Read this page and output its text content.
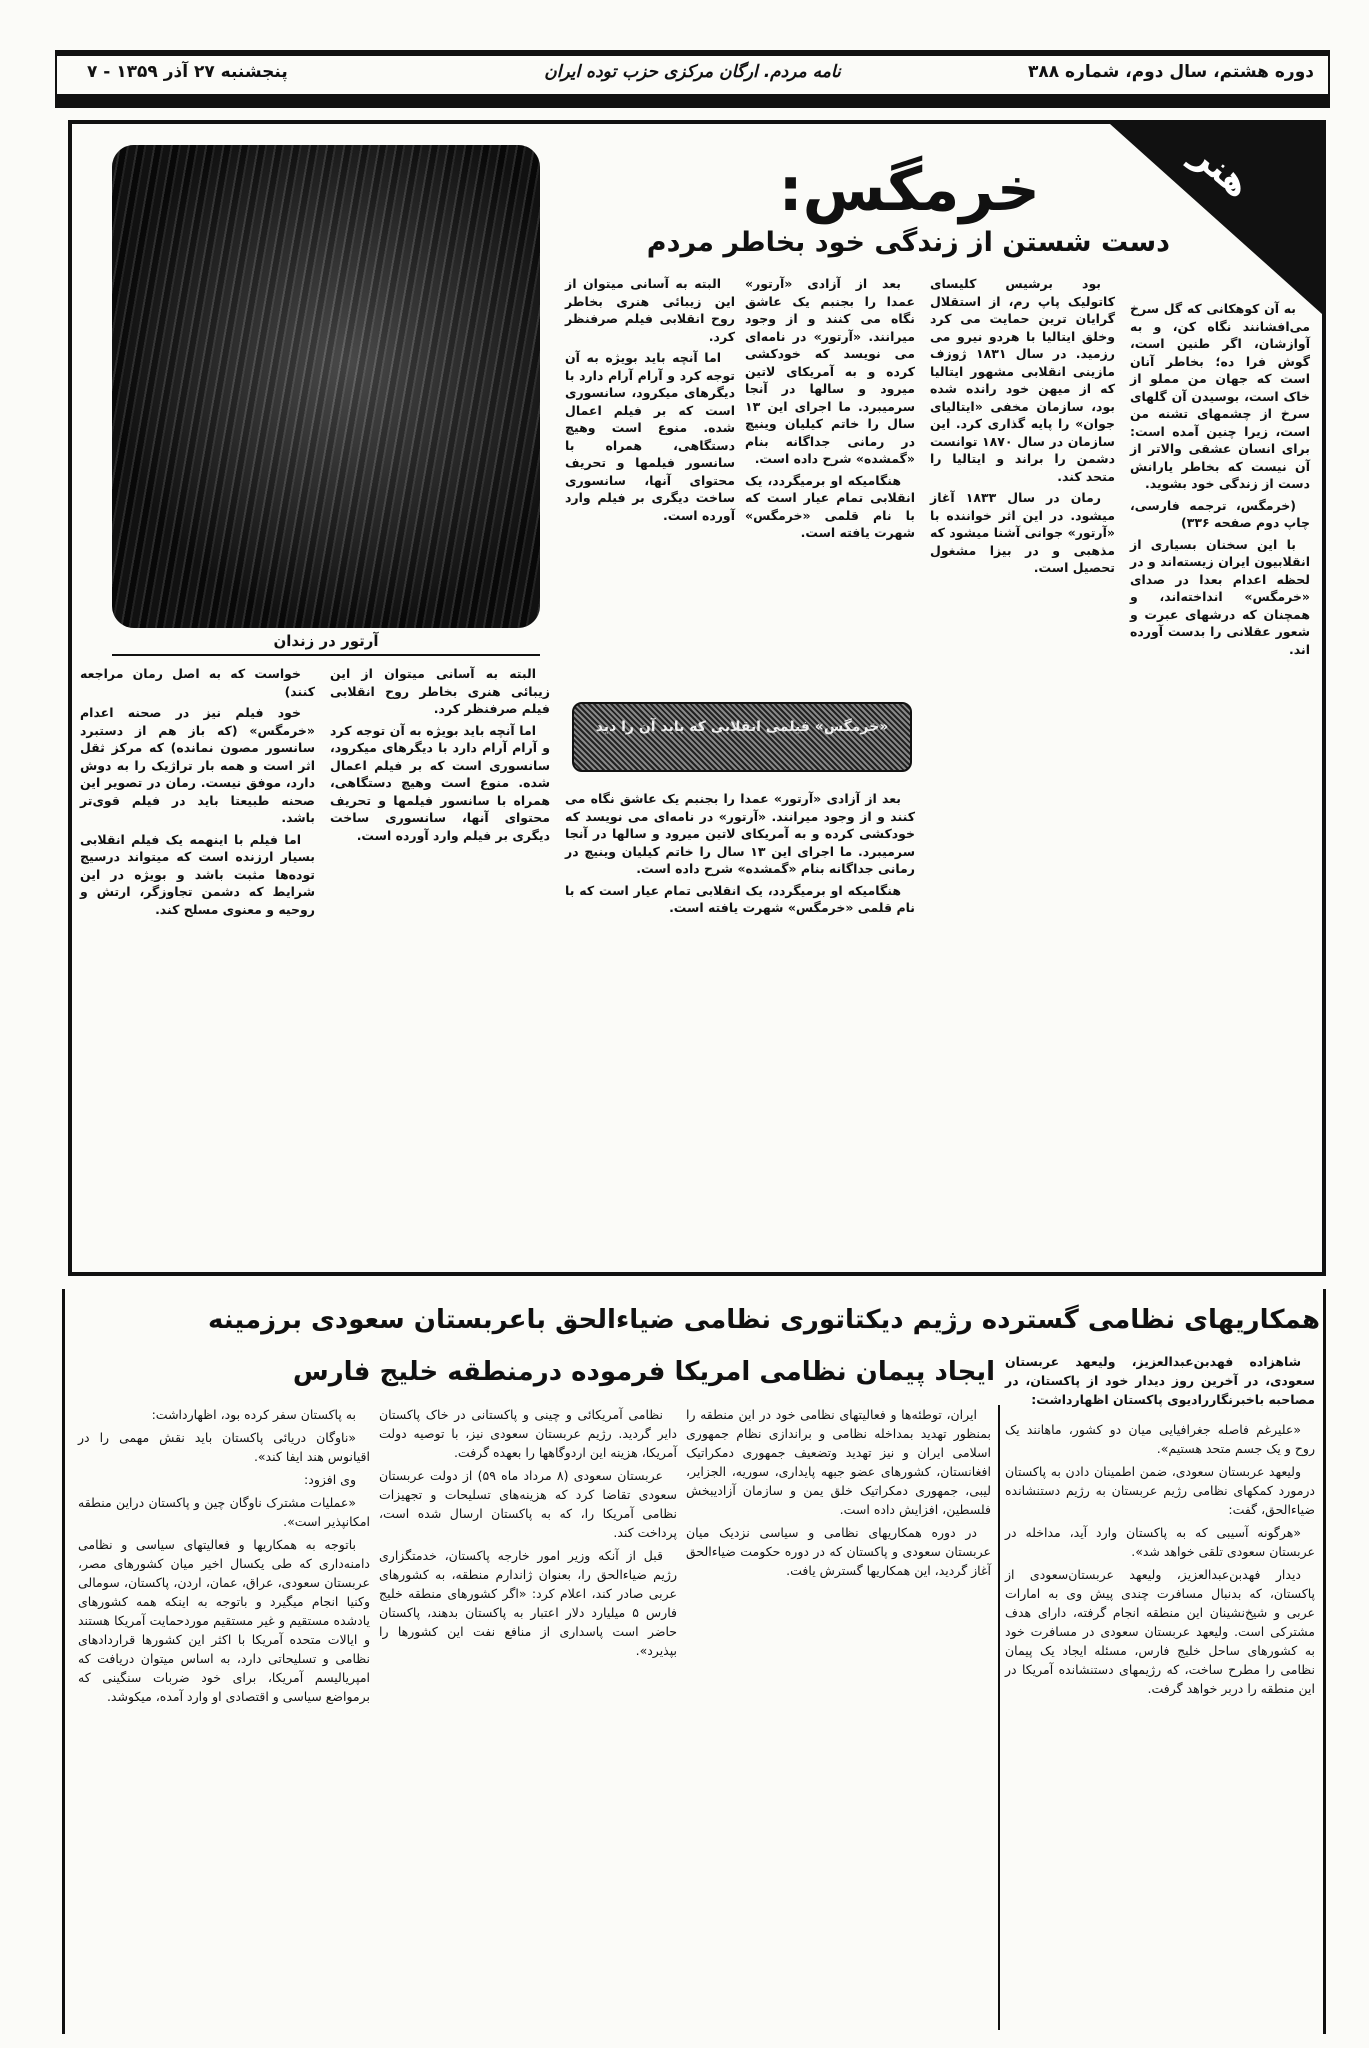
دوره هشتم، سال دوم، شماره ۳۸۸
نامه مردم. ارگان مرکزی حزب توده ایران
پنجشنبه ۲۷ آذر ۱۳۵۹ - ۷
آرتور در زندان
هنر
خرمگس:
دست شستن از زندگی خود بخاطر مردم

به آن کوهکانی که گل سرخ می‌افشانند نگاه کن، و به آوازشان، اگر طنین است، گوش فرا ده؛ بخاطر آنان است که جهان من مملو از خاک است، بوسیدن آن گلهای سرخ از چشمهای تشنه من است، زیرا چنین آمده است: برای انسان عشقی والاتر از آن نیست که بخاطر یارانش دست از زندگی خود بشوید.

(خرمگس، ترجمه فارسی، چاپ دوم صفحه ۳۳۶)

با این سخنان بسیاری از انقلابیون ایران زیسته‌اند و در لحظه اعدام بعدا در صدای «خرمگس» انداخته‌اند، و همچنان که درشهای عبرت و شعور عقلانی را بدست آورده اند.

بود برشیس کلیسای کاتولیک پاپ رم، از استقلال گرایان ترین حمایت می کرد وخلق ایتالیا با هردو نیرو می رزمید. در سال ۱۸۳۱ ژوزف مازینی انقلابی مشهور ایتالیا که از میهن خود رانده شده بود، سازمان مخفی «ایتالیای جوان» را پایه گذاری کرد. این سازمان در سال ۱۸۷۰ توانست دشمن را براند و ایتالیا را متحد کند.

رمان در سال ۱۸۳۳ آغاز میشود. در این اثر خواننده با «آرتور» جوانی آشنا میشود که مذهبی و در بیزا مشغول تحصیل است.

بعد از آزادی «آرتور» عمدا را بجنبم یک عاشق نگاه می کنند و از وجود میرانند. «آرتور» در نامه‌ای می نویسد که خودکشی کرده و به آمریکای لاتین میرود و سالها در آنجا سرمیبرد. ما اجرای این ۱۳ سال را خاتم کیلیان وینیچ در رمانی جداگانه بنام «گمشده» شرح داده است.

هنگامیکه او برمیگردد، یک انقلابی تمام عیار است که با نام قلمی «خرمگس» شهرت یافته است.

البته به آسانی میتوان از این زیبائی هنری بخاطر روح انقلابی فیلم صرفنظر کرد.

اما آنچه باید بویژه به آن توجه کرد و آرام آرام دارد با دیگر‌های میکرود، سانسوری است که بر فیلم اعمال شده. منوع است وهیچ دستگاهی، همراه با سانسور فیلمها و تحریف محتوای آنها، سانسوری ساخت دیگری بر فیلم وارد آورده است.

«خرمگس» فیلمی انقلابی که باید آن را دید

بعد از آزادی «آرتور» عمدا را بجنبم یک عاشق نگاه می کنند و از وجود میرانند. «آرتور» در نامه‌ای می نویسد که خودکشی کرده و به آمریکای لاتین میرود و سالها در آنجا سرمیبرد. ما اجرای این ۱۳ سال را خاتم کیلیان وینیچ در رمانی جداگانه بنام «گمشده» شرح داده است.

هنگامیکه او برمیگردد، یک انقلابی تمام عیار است که با نام قلمی «خرمگس» شهرت یافته است.

البته به آسانی میتوان از این زیبائی هنری بخاطر روح انقلابی فیلم صرفنظر کرد.

اما آنچه باید بویژه به آن توجه کرد و آرام آرام دارد با دیگر‌های میکرود، سانسوری است که بر فیلم اعمال شده. منوع است وهیچ دستگاهی، همراه با سانسور فیلمها و تحریف محتوای آنها، سانسوری ساخت دیگری بر فیلم وارد آورده است.

خواست که به اصل رمان مراجعه کنند)

خود فیلم نیز در صحنه اعدام «خرمگس» (که باز هم از دستبرد سانسور مصون نمانده) که مرکز ثقل اثر است و همه بار تراژیک را به دوش دارد، موفق نیست. رمان در تصویر این صحنه طبیعتا باید در فیلم قوی‌تر باشد.

اما فیلم با اینهمه یک فیلم انقلابی بسیار ارزنده است که میتواند درسیج توده‌ها مثبت باشد و بویژه در این شرایط که دشمن تجاوزگر، ارتش و روحیه و معنوی مسلح کند.

همکاریهای نظامی گسترده رژیم دیکتاتوری نظامی ضیاءالحق باعربستان سعودی برزمینه
ایجاد پیمان نظامی امریکا فرموده درمنطقه خلیج فارس شاهزاده فهدبن‌عبدالعزیز، ولیعهد عربستان سعودی، در آخرین روز دیدار خود از پاکستان، در مصاحبه باخبرنگاررادیوی پاکستان اظهارداشت:

«علیرغم فاصله جغرافیایی میان دو کشور، ماهانند یک روح و یک جسم متحد هستیم».

ولیعهد عربستان سعودی، ضمن اطمینان دادن به پاکستان درمورد کمکهای نظامی رژیم عربستان به رژیم دستنشانده ضیاءالحق، گفت:

«هرگونه آسیبی که به پاکستان وارد آید، مداخله در عربستان سعودی تلقی خواهد شد».

دیدار فهدبن‌عبدالعزیز، ولیعهد عربستان‌سعودی از پاکستان، که بدنبال مسافرت چندی پیش وی به امارات عربی و شیخ‌نشینان این منطقه انجام گرفته، دارای هدف مشترکی است. ولیعهد عربستان سعودی در مسافرت خود به کشورهای ساحل خلیج فارس، مسئله ایجاد یک پیمان نظامی را مطرح ساخت، که رژیمهای دستنشانده آمریکا در این منطقه را دربر خواهد گرفت.

ایران، توطئه‌ها و فعالیتهای نظامی خود در این منطقه را بمنظور تهدید بمداخله نظامی و براندازی نظام جمهوری اسلامی ایران و نیز تهدید وتضعیف جمهوری دمکراتیک افغانستان، کشورهای عضو جبهه پایداری، سوریه، الجزایر، لیبی، جمهوری دمکراتیک خلق یمن و سازمان آزادیبخش فلسطین، افزایش داده است.

در دوره همکاریهای نظامی و سیاسی نزدیک میان عربستان سعودی و پاکستان که در دوره حکومت ضیاءالحق آغاز گردید، این همکاریها گسترش یافت.

نظامی آمریکائی و چینی و پاکستانی در خاک پاکستان دایر گردید. رژیم عربستان سعودی نیز، با توصیه دولت آمریکا، هزینه این اردوگاهها را بعهده گرفت.

عربستان سعودی (۸ مرداد ماه ۵۹) از دولت عربستان سعودی تقاضا کرد که هزینه‌های تسلیحات و تجهیزات نظامی آمریکا را، که به پاکستان ارسال شده است، پرداخت کند.

قبل از آنکه وزیر امور خارجه پاکستان، خدمتگزاری رژیم ضیاءالحق را، بعنوان ژاندارم منطقه، به کشورهای عربی صادر کند، اعلام کرد: «اگر کشورهای منطقه خلیج فارس ۵ میلیارد دلار اعتبار به پاکستان بدهند، پاکستان حاضر است پاسداری از منافع نفت این کشورها را بپذیرد».

به پاکستان سفر کرده بود، اظهارداشت:

«ناوگان دریائی پاکستان باید نقش مهمی را در اقیانوس هند ایفا کند».

وی افزود:

«عملیات مشترک ناوگان چین و پاکستان دراین منطقه امکانپذیر است».

باتوجه به همکاریها و فعالیتهای سیاسی و نظامی دامنه‌داری که طی یکسال اخیر میان کشورهای مصر، عربستان سعودی، عراق، عمان، اردن، پاکستان، سومالی وکنیا انجام میگیرد و باتوجه به اینکه همه کشورهای یادشده مستقیم و غیر مستقیم موردحمایت آمریکا هستند و ایالات متحده آمریکا با اکثر این کشورها قراردادهای نظامی و تسلیحاتی دارد، به اساس میتوان دریافت که امپریالیسم آمریکا، برای خود ضربات سنگینی که برمواضع سیاسی و اقتصادی او وارد آمده، میکوشد.
